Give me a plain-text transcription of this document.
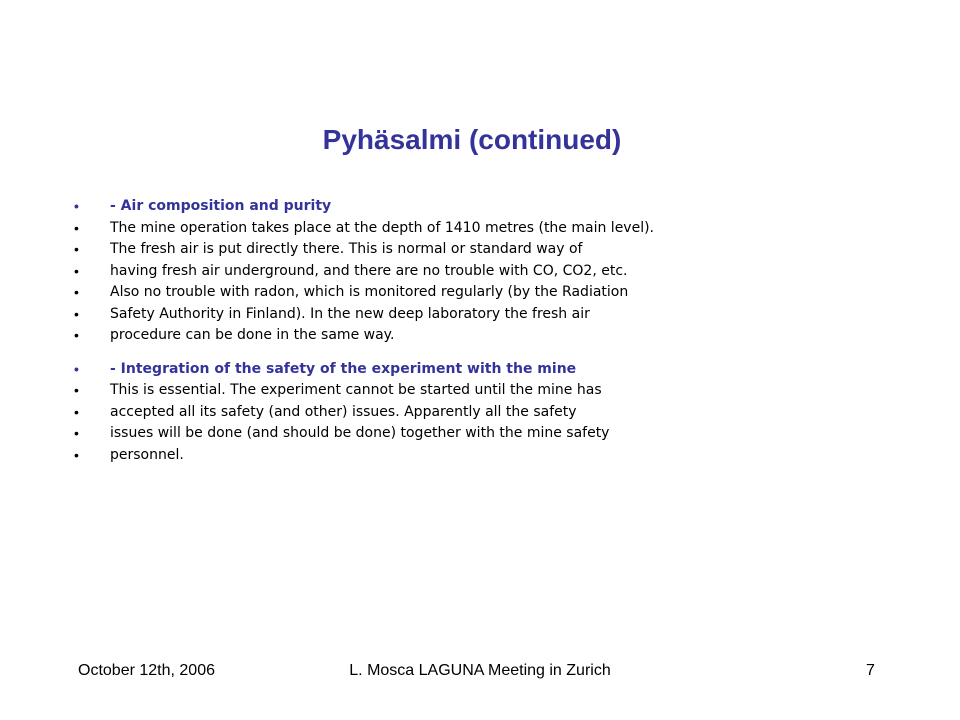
Pyhäsalmi (continued)
• - Air composition and purity
• The mine operation takes place at the depth of 1410 metres (the main level).
• The fresh air is put directly there. This is normal or standard way of
• having fresh air underground, and there are no trouble with CO, CO2, etc.
• Also no trouble with radon, which is monitored regularly (by the Radiation
• Safety Authority in Finland). In the new deep laboratory the fresh air
• procedure can be done in the same way.
• - Integration of the safety of the experiment with the mine
• This is essential. The experiment cannot be started until the mine has
• accepted all its safety (and other) issues. Apparently all the safety
• issues will be done (and should be done) together with the mine safety
• personnel.
October 12th, 2006	L. Mosca LAGUNA Meeting in Zurich	7
